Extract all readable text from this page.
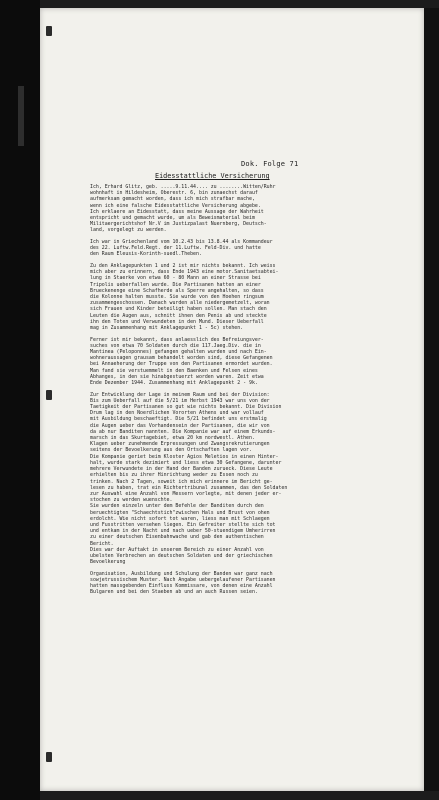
Dok. Folge 71
Eidesstattliche Versicherung
Ich, Erhard Glitz, geb. .....9.11.44.... zu ........Witten/Ruhr
wohnhaft in Hildesheim, Oberestr. 6, bin zunaechst darauf
aufmerksam gemacht worden, dass ich mich strafbar mache,
wenn ich eine falsche Eidesstattliche Versicherung abgebe.
Ich erklaere an Eidesstatt, dass meine Aussage der Wahrheit
entspricht und gemacht wurde, um als Beweismaterial beim
Militaergerichtshof Nr.V im Justizpalast Nuernberg, Deutsch-
land, vorgelegt zu werden.
Ich war in Griechenland vom 10.2.43 bis 13.8.44 als Kommandeur
des 22. Luftw.Feld.Regt. der 11.Luftw. Feld-Div. und hatte
den Raum Eleusis-Korinth-suedl.Theben.
Zu den Anklagepunkten 1 und 2 ist mir nichts bekannt. Ich weiss
mich aber zu erinnern, dass Ende 1943 eine motor.Sanitaetsabtei-
lung in Staerke von etwa 60 - 80 Mann an einer Strasse bei
Tripolis ueberfallen wurde. Die Partisanen hatten an einer
Brueckenenge eine Schafherde als Sperre angehalten, so dass
die Kolonne halten musste. Sie wurde von den Hoehen ringsum
zusammengeschossen. Danach wurden alle niedergemetzelt, woran
sich Frauen und Kinder beteiligt haben sollen. Man stach den
Leuten die Augen aus, schnitt ihnen den Penis ab und steckte
ihn den Toten und Verwundeten in den Mund. Dieser Ueberfall
mag in Zusammenhang mit Anklagepunkt 1 - 5c) stehen.
Ferner ist mir bekannt, dass anlaesslich des Befreiungsver-
suches von etwa 70 Soldaten durch die 117.Jaeg.Div. die in
Mantinea (Peloponnes) gefangen gehalten wurden und nach Ein-
wohneraussagen grausam behandelt worden sind, diese Gefangenen
bei Annaeherung der Truppe von den Partisanen ermordet wurden.
Man fand sie verstuemmelt in den Baenken und Felsen eines
Abhanges, in den sie hinabgestuerzt worden waren. Zeit etwa
Ende Dezember 1944. Zusammenhang mit Anklagepunkt 2 - 9k.
Zur Entwicklung der Lage in meinem Raum und bei der Division:
Bis zum Ueberfall auf die 5/21 im Herbst 1943 war uns von der
Taetigkeit der Partisanen so gut wie nichts bekannt. Die Division
Drum lag in den Noerdlichen Vororten Athens und war vollauf
mit Ausbildung beschaeftigt. Die 5/21 befindet uns erstmalig
die Augen ueber das Vorhandensein der Partisanen, die wir von
da ab nur Banditen nannten. Die Kompanie war auf einem Erkunds-
marsch in das Skurtagebiet, etwa 20 km nordwestl. Athen.
Klagen ueber zunehmende Erpressungen und Zwangsrekrutierungen
seitens der Bevoelkerung aus den Ortschaften lagen vor.
Die Kompanie geriet beim Kloster Agios Meletios in einen Hinter-
halt, wurde stark dezimiert und liess etwa 30 Gefangene, darunter
mehrere Verwundete in der Hand der Banden zurueck. Diese Leute
erhielten bis zu ihrer Hinrichtung weder zu Essen noch zu
trinken. Nach 2 Tagen, soweit ich mich erinnere im Bericht ge-
lesen zu haben, trat ein Richtertribunal zusammen, das den Soldaten
zur Auswahl eine Anzahl von Messern vorlegte, mit denen jeder er-
stochen zu werden wuenschte.
Sie wurden einzeln unter dem Befehle der Banditen durch den
beruechtigten "Schaechtstich"zwischen Hals und Brust von ohen
erdolcht. Wie nicht sofort tot waren, liess man mit Schlaegen
und Fusstritten versehen liegen. Ein Gefreiter stellte sich tot
und entkam in der Nacht und nach ueber 50-stuendigem Umherirren
zu einer deutschen Eisenbahnwache und gab den authentischen
Bericht.
Dies war der Auftakt in unserem Bereich zu einer Anzahl von
ubelsten Verbrechen an deutschen Soldaten und der griechischen
Bevoelkerung
Organisation, Ausbildung und Schulung der Banden war ganz nach
sowjetrussischem Muster. Nach Angabe uebergelaufener Partisanen
hatten massgebenden Einfluss Kommissare, von denen eine Anzahl
Bulgaren und bei den Staeben ab und an auch Russen seien.
